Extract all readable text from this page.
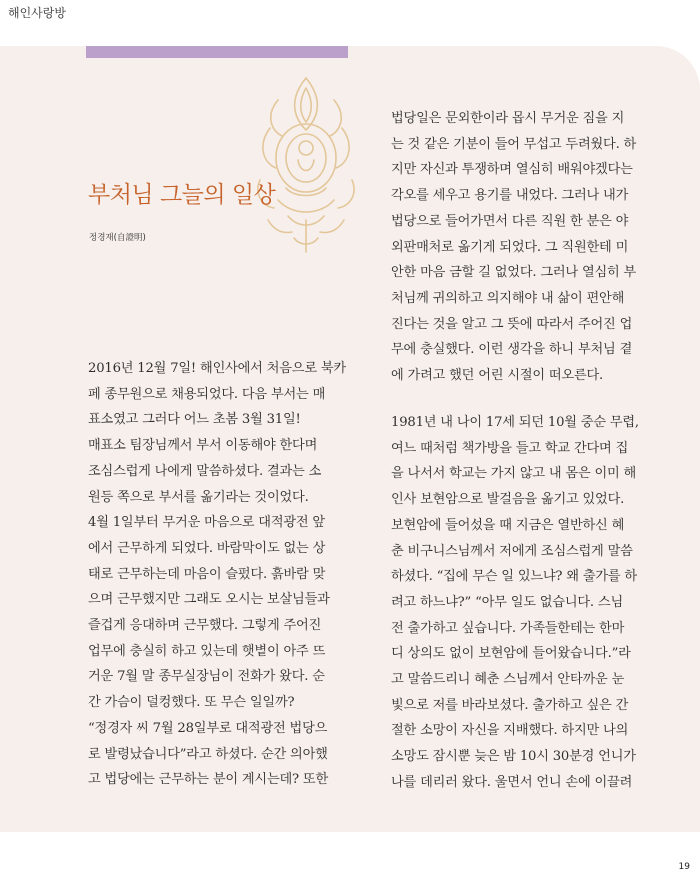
해인사랑방
부처님 그늘의 일상
정경재(自證明)

법당일은 문외한이라 몹시 무거운 짐을 지

는 것 같은 기분이 들어 무섭고 두려웠다. 하

지만 자신과 투쟁하며 열심히 배워야겠다는

각오를 세우고 용기를 내었다. 그러나 내가

법당으로 들어가면서 다른 직원 한 분은 야

외판매처로 옮기게 되었다. 그 직원한테 미

안한 마음 금할 길 없었다. 그러나 열심히 부

처님께 귀의하고 의지해야 내 삶이 편안해

진다는 것을 알고 그 뜻에 따라서 주어진 업

무에 충실했다. 이런 생각을 하니 부처님 곁

에 가려고 했던 어린 시절이 떠오른다.

2016년 12월 7일! 해인사에서 처음으로 북카

페 종무원으로 채용되었다. 다음 부서는 매

표소였고 그러다 어느 초봄 3월 31일!

매표소 팀장님께서 부서 이동해야 한다며

조심스럽게 나에게 말씀하셨다. 결과는 소

원등 쪽으로 부서를 옮기라는 것이었다.

4월 1일부터 무거운 마음으로 대적광전 앞

에서 근무하게 되었다. 바람막이도 없는 상

태로 근무하는데 마음이 슬펐다. 흙바람 맞

으며 근무했지만 그래도 오시는 보살님들과

즐겁게 응대하며 근무했다. 그렇게 주어진

업무에 충실히 하고 있는데 햇볕이 아주 뜨

거운 7월 말 종무실장님이 전화가 왔다. 순

간 가슴이 덜컹했다. 또 무슨 일일까?

“정경자 씨 7월 28일부로 대적광전 법당으

로 발령났습니다”라고 하셨다. 순간 의아했

고 법당에는 근무하는 분이 계시는데? 또한

1981년 내 나이 17세 되던 10월 중순 무렵,

여느 때처럼 책가방을 들고 학교 간다며 집

을 나서서 학교는 가지 않고 내 몸은 이미 해

인사 보현암으로 발걸음을 옮기고 있었다.

보현암에 들어섰을 때 지금은 열반하신 혜

춘 비구니스님께서 저에게 조심스럽게 말씀

하셨다. “집에 무슨 일 있느냐? 왜 출가를 하

려고 하느냐?” “아무 일도 없습니다. 스님

전 출가하고 싶습니다. 가족들한테는 한마

디 상의도 없이 보현암에 들어왔습니다.”라

고 말씀드리니 혜춘 스님께서 안타까운 눈

빛으로 저를 바라보셨다. 출가하고 싶은 간

절한 소망이 자신을 지배했다. 하지만 나의

소망도 잠시뿐 늦은 밤 10시 30분경 언니가

나를 데리러 왔다. 울면서 언니 손에 이끌려

19
